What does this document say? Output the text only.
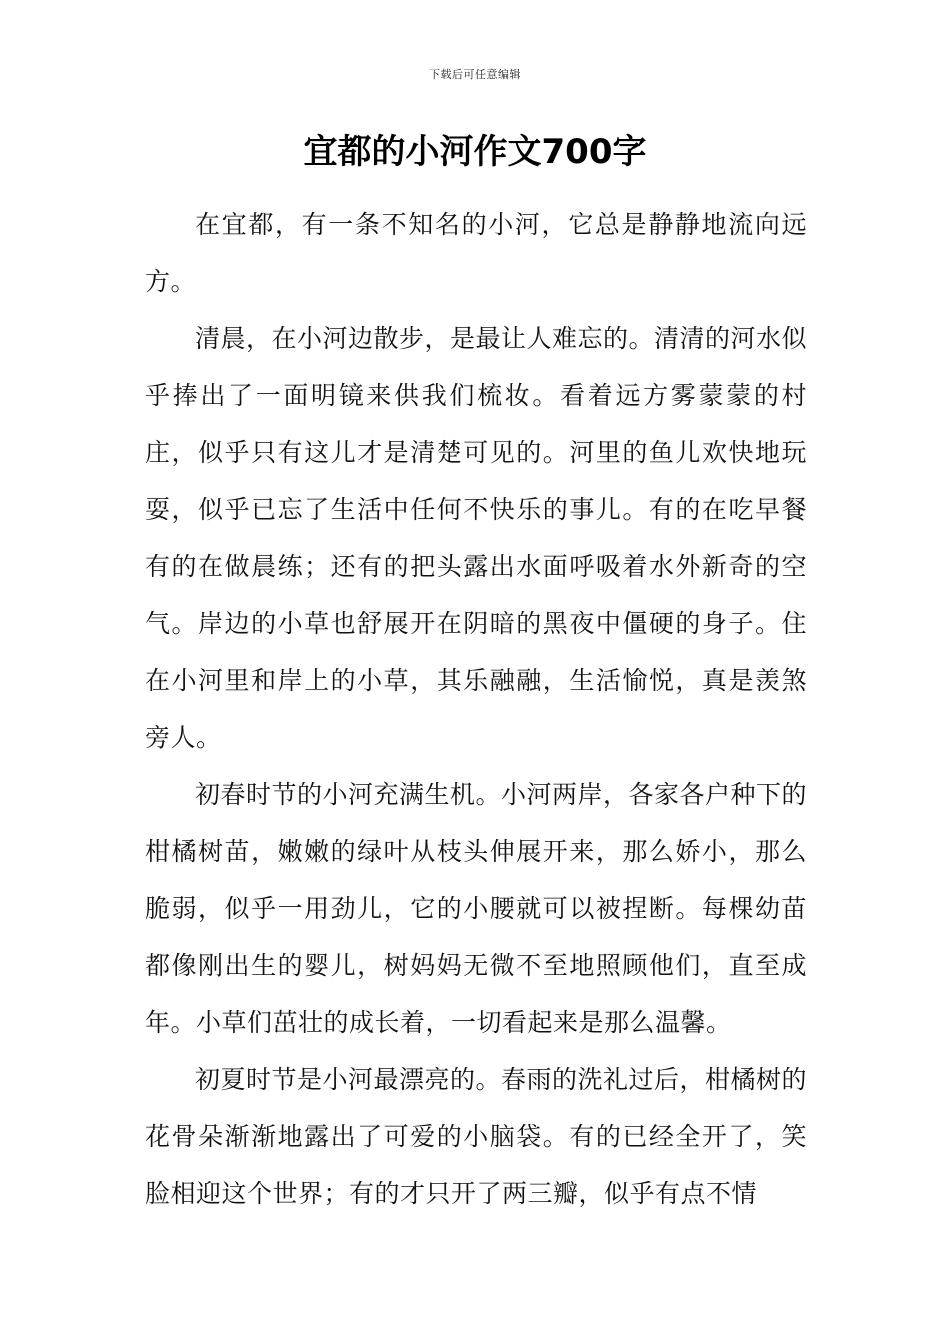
下载后可任意编辑
宜都的小河作文700字

在宜都，有一条不知名的小河，它总是静静地流向远方。

清晨，在小河边散步，是最让人难忘的。清清的河水似乎捧出了一面明镜来供我们梳妆。看着远方雾蒙蒙的村庄，似乎只有这儿才是清楚可见的。河里的鱼儿欢快地玩耍，似乎已忘了生活中任何不快乐的事儿。有的在吃早餐有的在做晨练；还有的把头露出水面呼吸着水外新奇的空气。岸边的小草也舒展开在阴暗的黑夜中僵硬的身子。住在小河里和岸上的小草，其乐融融，生活愉悦，真是羡煞旁人。

初春时节的小河充满生机。小河两岸，各家各户种下的柑橘树苗，嫩嫩的绿叶从枝头伸展开来，那么娇小，那么脆弱，似乎一用劲儿，它的小腰就可以被捏断。每棵幼苗都像刚出生的婴儿，树妈妈无微不至地照顾他们，直至成年。小草们茁壮的成长着，一切看起来是那么温馨。

初夏时节是小河最漂亮的。春雨的洗礼过后，柑橘树的花骨朵渐渐地露出了可爱的小脑袋。有的已经全开了，笑脸相迎这个世界；有的才只开了两三瓣，似乎有点不情
